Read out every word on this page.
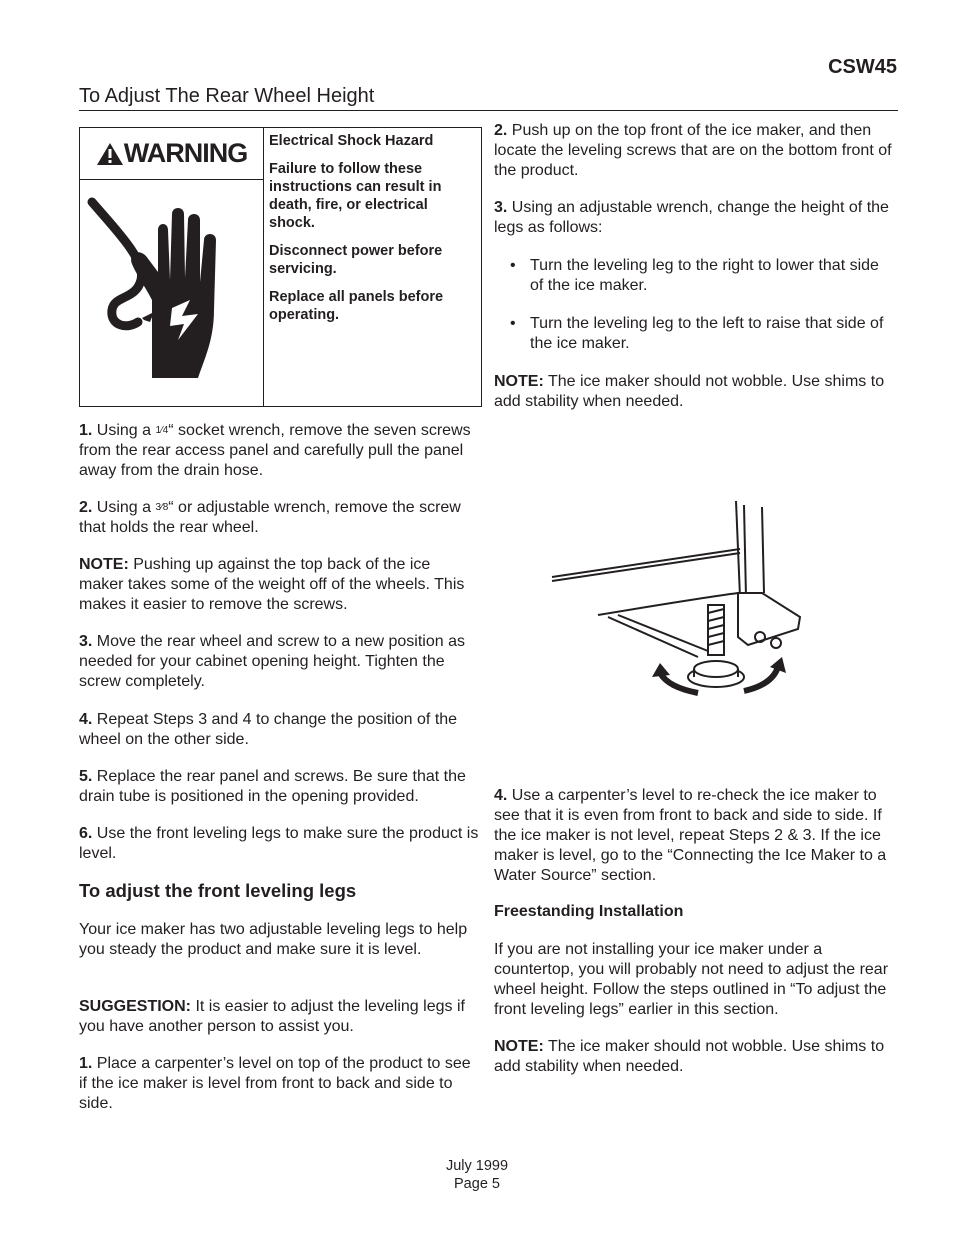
CSW45
To Adjust The Rear Wheel Height
WARNING Electrical Shock Hazard

Failure to follow these instructions can result in death, fire, or electrical shock.

Disconnect power before servicing.

Replace all panels before operating.

1. Using a 1⁄4“ socket wrench, remove the seven screws from the rear access panel and carefully pull the panel away from the drain hose.
2. Using a 3⁄8“ or adjustable wrench, remove the screw that holds the rear wheel.
NOTE: Pushing up against the top back of the ice maker takes some of the weight off of the wheels. This makes it easier to remove the screws.
3. Move the rear wheel and screw to a new position as needed for your cabinet opening height. Tighten the screw completely.
4. Repeat Steps 3 and 4 to change the position of the wheel on the other side.
5. Replace the rear panel and screws. Be sure that the drain tube is positioned in the opening provided.
6. Use the front leveling legs to make sure the product is level.
To adjust the front leveling legs
Your ice maker has two adjustable leveling legs to help you steady the product and make sure it is level.
SUGGESTION: It is easier to adjust the leveling legs if you have another person to assist you.
1. Place a carpenter’s level on top of the product to see if the ice maker is level from front to back and side to side.
2. Push up on the top front of the ice maker, and then locate the leveling screws that are on the bottom front of the product.
3. Using an adjustable wrench, change the height of the legs as follows:
• Turn the leveling leg to the right to lower that side of the ice maker.
• Turn the leveling leg to the left to raise that side of the ice maker.
NOTE: The ice maker should not wobble. Use shims to add stability when needed.
4. Use a carpenter’s level to re-check the ice maker to see that it is even from front to back and side to side. If the ice maker is not level, repeat Steps 2 & 3. If the ice maker is level, go to the “Connecting the Ice Maker to a Water Source” section.
Freestanding Installation
If you are not installing your ice maker under a countertop, you will probably not need to adjust the rear wheel height. Follow the steps outlined in “To adjust the front leveling legs” earlier in this section.
NOTE: The ice maker should not wobble. Use shims to add stability when needed.
July 1999
Page 5
